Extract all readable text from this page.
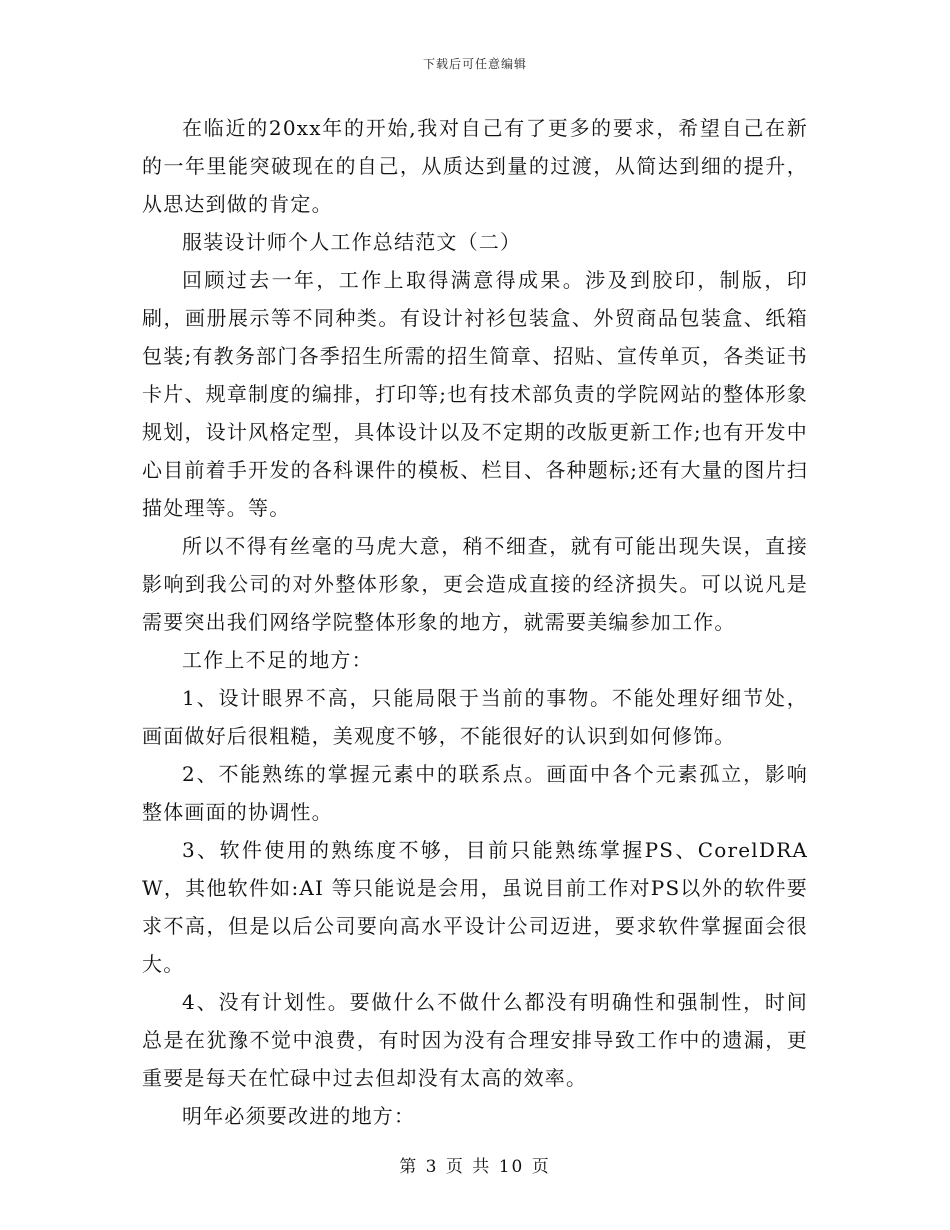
下载后可任意编辑

在临近的20xx年的开始,我对自己有了更多的要求，希望自己在新的一年里能突破现在的自己，从质达到量的过渡，从简达到细的提升，从思达到做的肯定。

服装设计师个人工作总结范文（二）

回顾过去一年，工作上取得满意得成果。涉及到胶印，制版，印刷，画册展示等不同种类。有设计衬衫包装盒、外贸商品包装盒、纸箱包装;有教务部门各季招生所需的招生简章、招贴、宣传单页，各类证书卡片、规章制度的编排，打印等;也有技术部负责的学院网站的整体形象规划，设计风格定型，具体设计以及不定期的改版更新工作;也有开发中心目前着手开发的各科课件的模板、栏目、各种题标;还有大量的图片扫描处理等。等。

所以不得有丝毫的马虎大意，稍不细查，就有可能出现失误，直接影响到我公司的对外整体形象，更会造成直接的经济损失。可以说凡是需要突出我们网络学院整体形象的地方，就需要美编参加工作。

工作上不足的地方：

1、设计眼界不高，只能局限于当前的事物。不能处理好细节处，画面做好后很粗糙，美观度不够，不能很好的认识到如何修饰。

2、不能熟练的掌握元素中的联系点。画面中各个元素孤立，影响整体画面的协调性。

3、软件使用的熟练度不够，目前只能熟练掌握PS、CorelDRAW，其他软件如:AI 等只能说是会用，虽说目前工作对PS以外的软件要求不高，但是以后公司要向高水平设计公司迈进，要求软件掌握面会很大。

4、没有计划性。要做什么不做什么都没有明确性和强制性，时间总是在犹豫不觉中浪费，有时因为没有合理安排导致工作中的遗漏，更重要是每天在忙碌中过去但却没有太高的效率。

明年必须要改进的地方：

第 3 页 共 10 页
